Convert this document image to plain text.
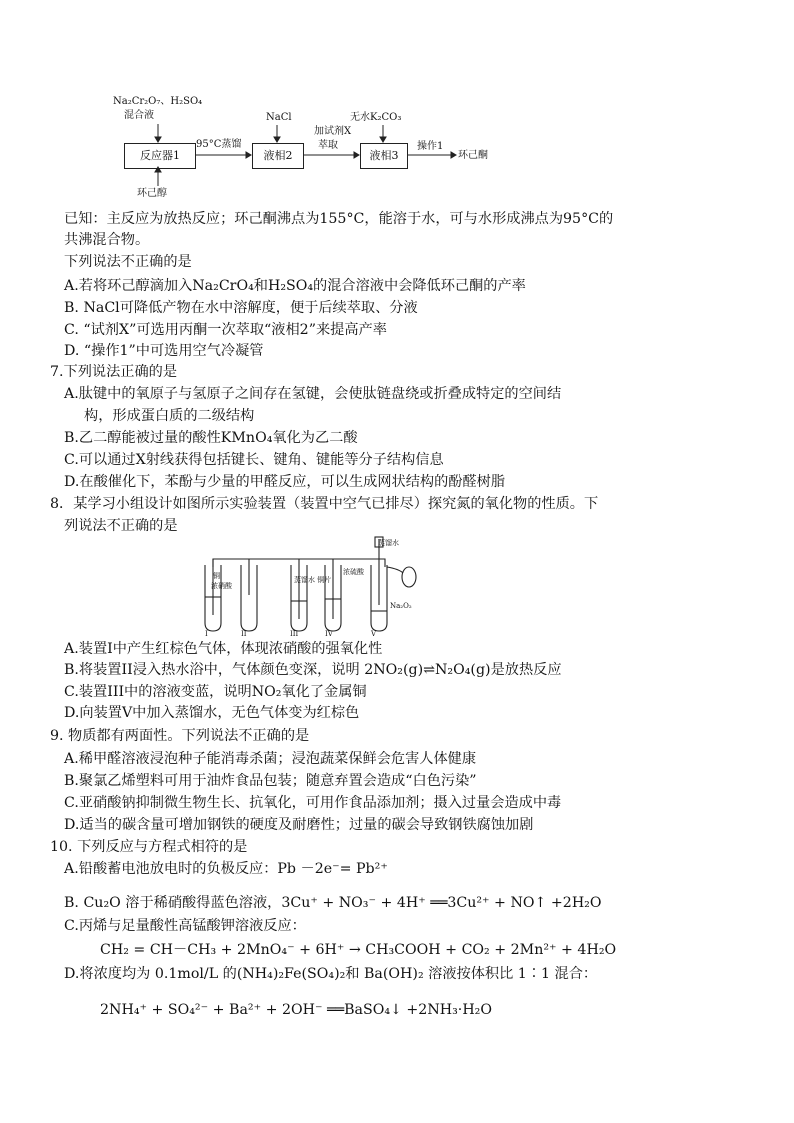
Na₂Cr₂O₇、H₂SO₄
混合液
反应器1
95°C蒸馏
NaCl
液相2
加试剂X
萃取
无水K₂CO₃
液相3
操作1
环己酮
环己醇
已知：主反应为放热反应；环己酮沸点为155°C，能溶于水，可与水形成沸点为95°C的
共沸混合物。
下列说法不正确的是
A.若将环己醇滴加入Na₂CrO₄和H₂SO₄的混合溶液中会降低环己酮的产率
B. NaCl可降低产物在水中溶解度，便于后续萃取、分液
C. “试剂X”可选用丙酮一次萃取“液相2”来提高产率
D. “操作1”中可选用空气冷凝管
7.下列说法正确的是
A.肽键中的氧原子与氢原子之间存在氢键，会使肽链盘绕或折叠成特定的空间结
构，形成蛋白质的二级结构
B.乙二醇能被过量的酸性KMnO₄氧化为乙二酸
C.可以通过X射线获得包括键长、键角、键能等分子结构信息
D.在酸催化下，苯酚与少量的甲醛反应，可以生成网状结构的酚醛树脂
8．某学习小组设计如图所示实验装置（装置中空气已排尽）探究氮的氧化物的性质。下
列说法不正确的是
蒸馏水
铜
浓硝酸
蒸馏水 铜片
浓硫酸
Na₂O₂
I	II	III	IV	V
A.装置I中产生红棕色气体，体现浓硝酸的强氧化性
B.将装置II浸入热水浴中，气体颜色变深，说明 2NO₂(g)⇌N₂O₄(g)是放热反应
C.装置III中的溶液变蓝，说明NO₂氧化了金属铜
D.向装置V中加入蒸馏水，无色气体变为红棕色
9. 物质都有两面性。下列说法不正确的是
A.稀甲醛溶液浸泡种子能消毒杀菌；浸泡蔬菜保鲜会危害人体健康
B.聚氯乙烯塑料可用于油炸食品包装；随意弃置会造成“白色污染”
C.亚硝酸钠抑制微生物生长、抗氧化，可用作食品添加剂；摄入过量会造成中毒
D.适当的碳含量可增加钢铁的硬度及耐磨性；过量的碳会导致钢铁腐蚀加剧
10. 下列反应与方程式相符的是
A.铅酸蓄电池放电时的负极反应：Pb －2e⁻= Pb²⁺
B. Cu₂O 溶于稀硝酸得蓝色溶液，3Cu⁺ + NO₃⁻ + 4H⁺ ══3Cu²⁺ + NO↑ +2H₂O
C.丙烯与足量酸性高锰酸钾溶液反应：
CH₂ = CH－CH₃ + 2MnO₄⁻ + 6H⁺ → CH₃COOH + CO₂ + 2Mn²⁺ + 4H₂O
D.将浓度均为 0.1mol/L 的(NH₄)₂Fe(SO₄)₂和 Ba(OH)₂ 溶液按体积比 1∶1 混合：
2NH₄⁺ + SO₄²⁻ + Ba²⁺ + 2OH⁻ ══BaSO₄↓ +2NH₃·H₂O
